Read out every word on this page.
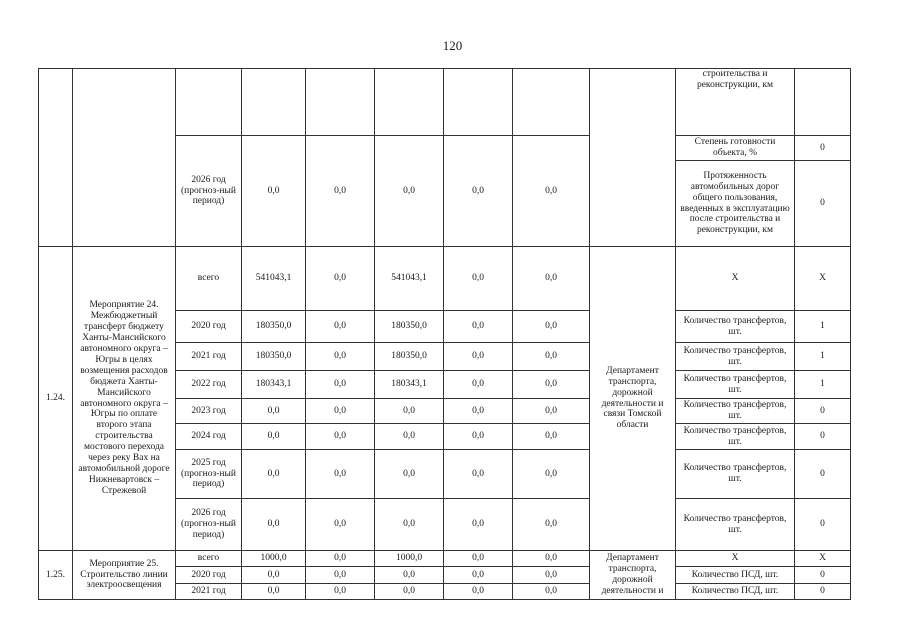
120
									строительства и реконструкции, км	
		2026 год (прогноз-ный период)	0,0	0,0	0,0	0,0	0,0		Степень готовности объекта, %	0
									Протяженность автомобильных дорог общего пользования, введенных в эксплуатацию после строительства и реконструкции, км	0
1.24.	Мероприятие 24. Межбюджетный трансферт бюджету Ханты-Мансийского автономного округа – Югры в целях возмещения расходов бюджета Ханты-Мансийского автономного округа – Югры по оплате второго этапа строительства мостового перехода через реку Вах на автомобильной дороге Нижневартовск – Стрежевой	всего	541043,1	0,0	541043,1	0,0	0,0	Департамент транспорта, дорожной деятельности и связи Томской области	Х	Х
		2020 год	180350,0	0,0	180350,0	0,0	0,0		Количество трансфертов, шт.	1
		2021 год	180350,0	0,0	180350,0	0,0	0,0		Количество трансфертов, шт.	1
		2022 год	180343,1	0,0	180343,1	0,0	0,0		Количество трансфертов, шт.	1
		2023 год	0,0	0,0	0,0	0,0	0,0		Количество трансфертов, шт.	0
		2024 год	0,0	0,0	0,0	0,0	0,0		Количество трансфертов, шт.	0
		2025 год (прогноз-ный период)	0,0	0,0	0,0	0,0	0,0		Количество трансфертов, шт.	0
		2026 год (прогноз-ный период)	0,0	0,0	0,0	0,0	0,0		Количество трансфертов, шт.	0
1.25.	Мероприятие 25. Строительство линии электроосвещения	всего	1000,0	0,0	1000,0	0,0	0,0	Департамент транспорта, дорожной деятельности и	Х	Х
		2020 год	0,0	0,0	0,0	0,0	0,0		Количество ПСД, шт.	0
		2021 год	0,0	0,0	0,0	0,0	0,0		Количество ПСД, шт.	0
